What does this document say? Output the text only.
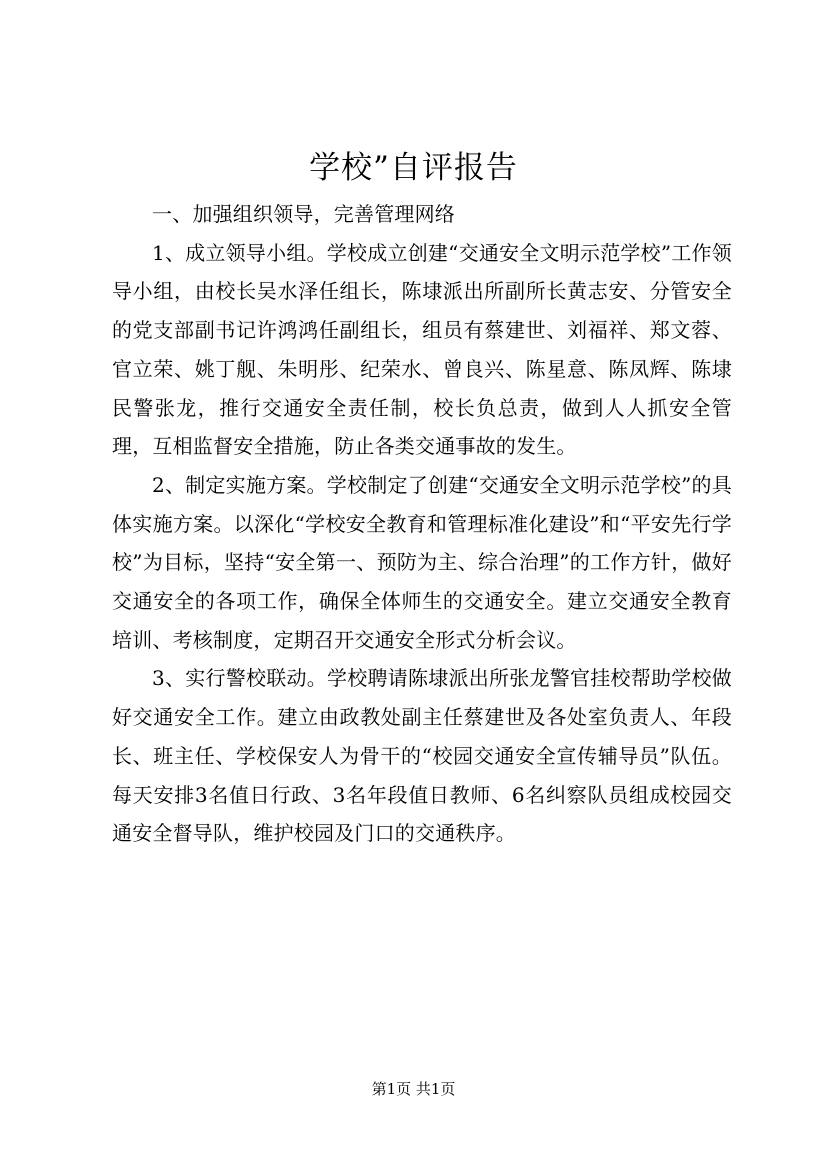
学校”自评报告

一、加强组织领导，完善管理网络

1、成立领导小组。学校成立创建“交通安全文明示范学校”工作领导小组，由校长吴水泽任组长，陈埭派出所副所长黄志安、分管安全的党支部副书记许鸿鸿任副组长，组员有蔡建世、刘福祥、郑文蓉、官立荣、姚丁舰、朱明彤、纪荣水、曾良兴、陈星意、陈凤辉、陈埭民警张龙，推行交通安全责任制，校长负总责，做到人人抓安全管理，互相监督安全措施，防止各类交通事故的发生。

2、制定实施方案。学校制定了创建“交通安全文明示范学校”的具体实施方案。以深化“学校安全教育和管理标准化建设”和“平安先行学校”为目标，坚持“安全第一、预防为主、综合治理”的工作方针，做好交通安全的各项工作，确保全体师生的交通安全。建立交通安全教育培训、考核制度，定期召开交通安全形式分析会议。

3、实行警校联动。学校聘请陈埭派出所张龙警官挂校帮助学校做好交通安全工作。建立由政教处副主任蔡建世及各处室负责人、年段长、班主任、学校保安人为骨干的“校园交通安全宣传辅导员”队伍。每天安排3名值日行政、3名年段值日教师、6名纠察队员组成校园交通安全督导队，维护校园及门口的交通秩序。

第1页 共1页
